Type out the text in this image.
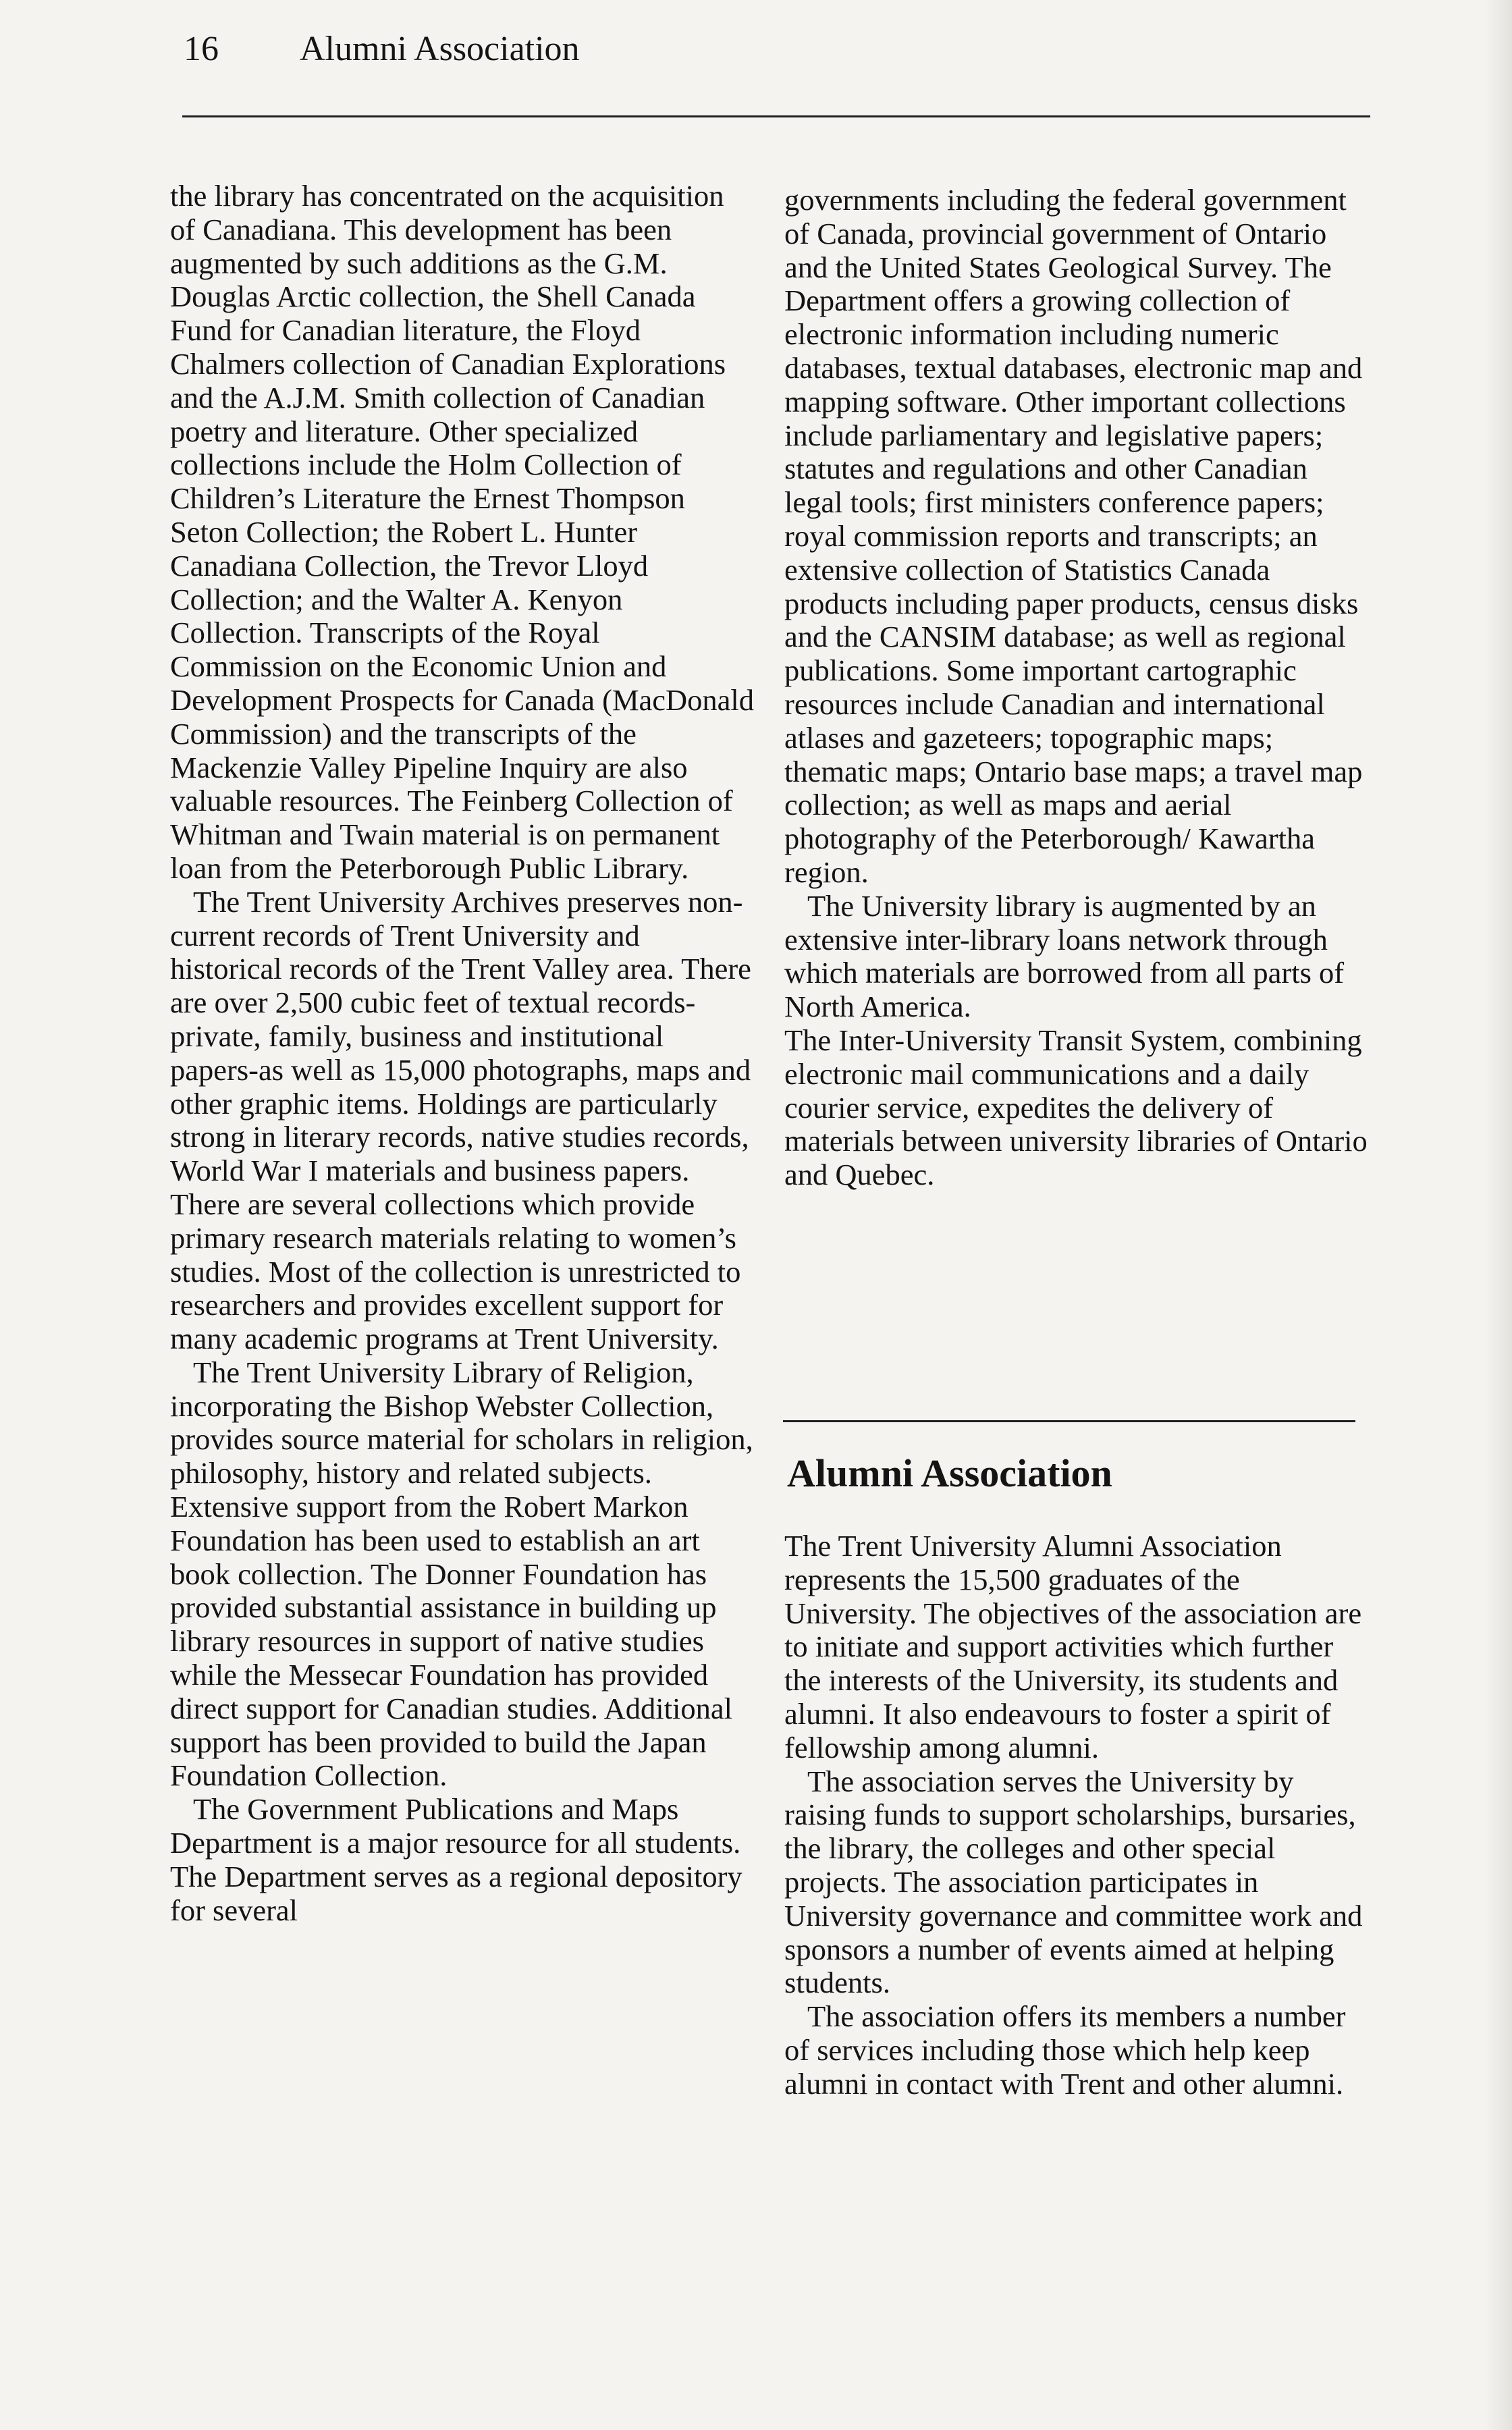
16 Alumni Association

the library has concentrated on the acquisition of Canadiana. This development has been augmented by such additions as the G.M. Douglas Arctic collection, the Shell Canada Fund for Canadian literature, the Floyd Chalmers collection of Canadian Explorations and the A.J.M. Smith collection of Canadian poetry and literature. Other specialized collections include the Holm Collection of Children’s Literature the Ernest Thompson Seton Collection; the Robert L. Hunter Canadiana Collection, the Trevor Lloyd Collection; and the Walter A. Kenyon Collection. Transcripts of the Royal Commission on the Economic Union and Development Prospects for Canada (MacDonald Commission) and the transcripts of the Mackenzie Valley Pipeline Inquiry are also valuable resources. The Feinberg Collection of Whitman and Twain material is on permanent loan from the Peterborough Public Library.

The Trent University Archives preserves non-current records of Trent University and historical records of the Trent Valley area. There are over 2,500 cubic feet of textual records-private, family, business and institutional papers-as well as 15,000 photographs, maps and other graphic items. Holdings are particularly strong in literary records, native studies records, World War I materials and business papers. There are several collections which provide primary research materials relating to women’s studies. Most of the collection is unrestricted to researchers and provides excellent support for many academic programs at Trent University.

The Trent University Library of Religion, incorporating the Bishop Webster Collection, provides source material for scholars in religion, philosophy, history and related subjects. Extensive support from the Robert Markon Foundation has been used to establish an art book collection. The Donner Foundation has provided substantial assistance in building up library resources in support of native studies while the Messecar Foundation has provided direct support for Canadian studies. Additional support has been provided to build the Japan Foundation Collection.

The Government Publications and Maps Department is a major resource for all students. The Department serves as a regional depository for several

governments including the federal government of Canada, provincial government of Ontario and the United States Geological Survey. The Department offers a growing collection of electronic information including numeric databases, textual databases, electronic map and mapping software. Other important collections include parliamentary and legislative papers; statutes and regulations and other Canadian legal tools; first ministers conference papers; royal commission reports and transcripts; an extensive collection of Statistics Canada products including paper products, census disks and the CANSIM database; as well as regional publications. Some important cartographic resources include Canadian and international atlases and gazeteers; topographic maps; thematic maps; Ontario base maps; a travel map collection; as well as maps and aerial photography of the Peterborough/ Kawartha region.

The University library is augmented by an extensive inter-library loans network through which materials are borrowed from all parts of North America.

The Inter-University Transit System, combining electronic mail communications and a daily courier service, expedites the delivery of materials between university libraries of Ontario and Quebec.

Alumni Association

The Trent University Alumni Association represents the 15,500 graduates of the University. The objectives of the association are to initiate and support activities which further the interests of the University, its students and alumni. It also endeavours to foster a spirit of fellowship among alumni.

The association serves the University by raising funds to support scholarships, bursaries, the library, the colleges and other special projects. The association participates in University governance and committee work and sponsors a number of events aimed at helping students.

The association offers its members a number of services including those which help keep alumni in contact with Trent and other alumni.
